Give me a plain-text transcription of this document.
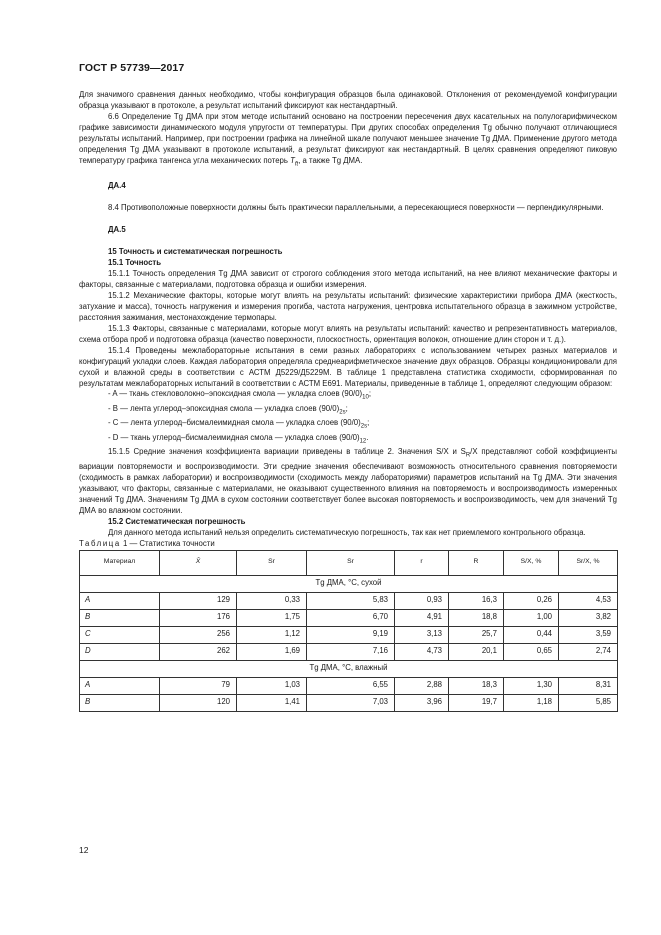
ГОСТ Р 57739—2017

Для значимого сравнения данных необходимо, чтобы конфигурация образцов была одинаковой. Отклонения от рекомендуемой конфигурации образца указывают в протоколе, а результат испытаний фиксируют как нестандартный.

6.6 Определение Tg ДМА при этом методе испытаний основано на построении пересечения двух касательных на полулогарифмическом графике зависимости динамического модуля упругости от температуры. При других способах определения Tg обычно получают отличающиеся результаты испытаний. Например, при построении графика на линейной шкале получают меньшее значение Tg ДМА. Применение другого метода определения Tg ДМА указывают в протоколе испытаний, а результат фиксируют как нестандартный. В целях сравнения определяют пиковую температуру графика тангенса угла механических потерь $T_{ft}$, а также Tg ДМА.

ДА.4

8.4 Противоположные поверхности должны быть практически параллельными, а пересекающиеся поверхности — перпендикулярными.

ДА.5

15 Точность и систематическая погрешность

15.1 Точность

15.1.1 Точность определения Tg ДМА зависит от строгого соблюдения этого метода испытаний, на нее влияют механические факторы и факторы, связанные с материалами, подготовка образца и ошибки измерения.

15.1.2 Механические факторы, которые могут влиять на результаты испытаний: физические характеристики прибора ДМА (жесткость, затухание и масса), точность нагружения и измерения прогиба, частота нагружения, центровка испытательного образца в зажимном устройстве, расстояния зажимания, местонахождение термопары.

15.1.3 Факторы, связанные с материалами, которые могут влиять на результаты испытаний: качество и репрезентативность материалов, схема отбора проб и подготовка образца (качество поверхности, плоскостность, ориентация волокон, отношение длин сторон и т. д.).

15.1.4 Проведены межлабораторные испытания в семи разных лабораториях с использованием четырех разных материалов и конфигураций укладки слоев. Каждая лаборатория определяла среднеарифметическое значение двух образцов. Образцы кондиционировали для сухой и влажной среды в соответствии с АСТМ Д5229/Д5229М. В таблице 1 представлена статистика сходимости, сформированная по результатам межлабораторных испытаний в соответствии с АСТМ Е691. Материалы, приведенные в таблице 1, определяют следующим образом:

- A — ткань стекловолокно–эпоксидная смола — укладка слоев $(90/0)_{10}$;

- B — лента углерод–эпоксидная смола — укладка слоев $(90/0)_{2s}$;

- C — лента углерод–бисмалеимидная смола — укладка слоев $(90/0)_{2s}$;

- D — ткань углерод–бисмалеимидная смола — укладка слоев $(90/0)_{12}$.

15.1.5 Средние значения коэффициента вариации приведены в таблице 2. Значения S/X и $S_R/X$ представляют собой коэффициенты вариации повторяемости и воспроизводимости. Эти средние значения обеспечивают возможность относительного сравнения повторяемости (сходимость в рамках лаборатории) и воспроизводимости (сходимость между лабораториями) параметров испытаний на Tg ДМА. Эти значения указывают, что факторы, связанные с материалами, не оказывают существенного влияния на повторяемость и воспроизводимость измеренных значений Tg ДМА. Значениям Tg ДМА в сухом состоянии соответствует более высокая повторяемость и воспроизводимость, чем для значений Tg ДМА во влажном состоянии.

15.2 Систематическая погрешность

Для данного метода испытаний нельзя определить систематическую погрешность, так как нет приемлемого контрольного образца.

Таблица 1 — Статистика точности

Материал	X̄	Sr	Sr	r	R	S/X, %	Sr/X, %
Tg ДМА, °С, сухой							
A	129	0,33	5,83	0,93	16,3	0,26	4,53
B	176	1,75	6,70	4,91	18,8	1,00	3,82
C	256	1,12	9,19	3,13	25,7	0,44	3,59
D	262	1,69	7,16	4,73	20,1	0,65	2,74
Tg ДМА, °С, влажный							
A	79	1,03	6,55	2,88	18,3	1,30	8,31
B	120	1,41	7,03	3,96	19,7	1,18	5,85
12
